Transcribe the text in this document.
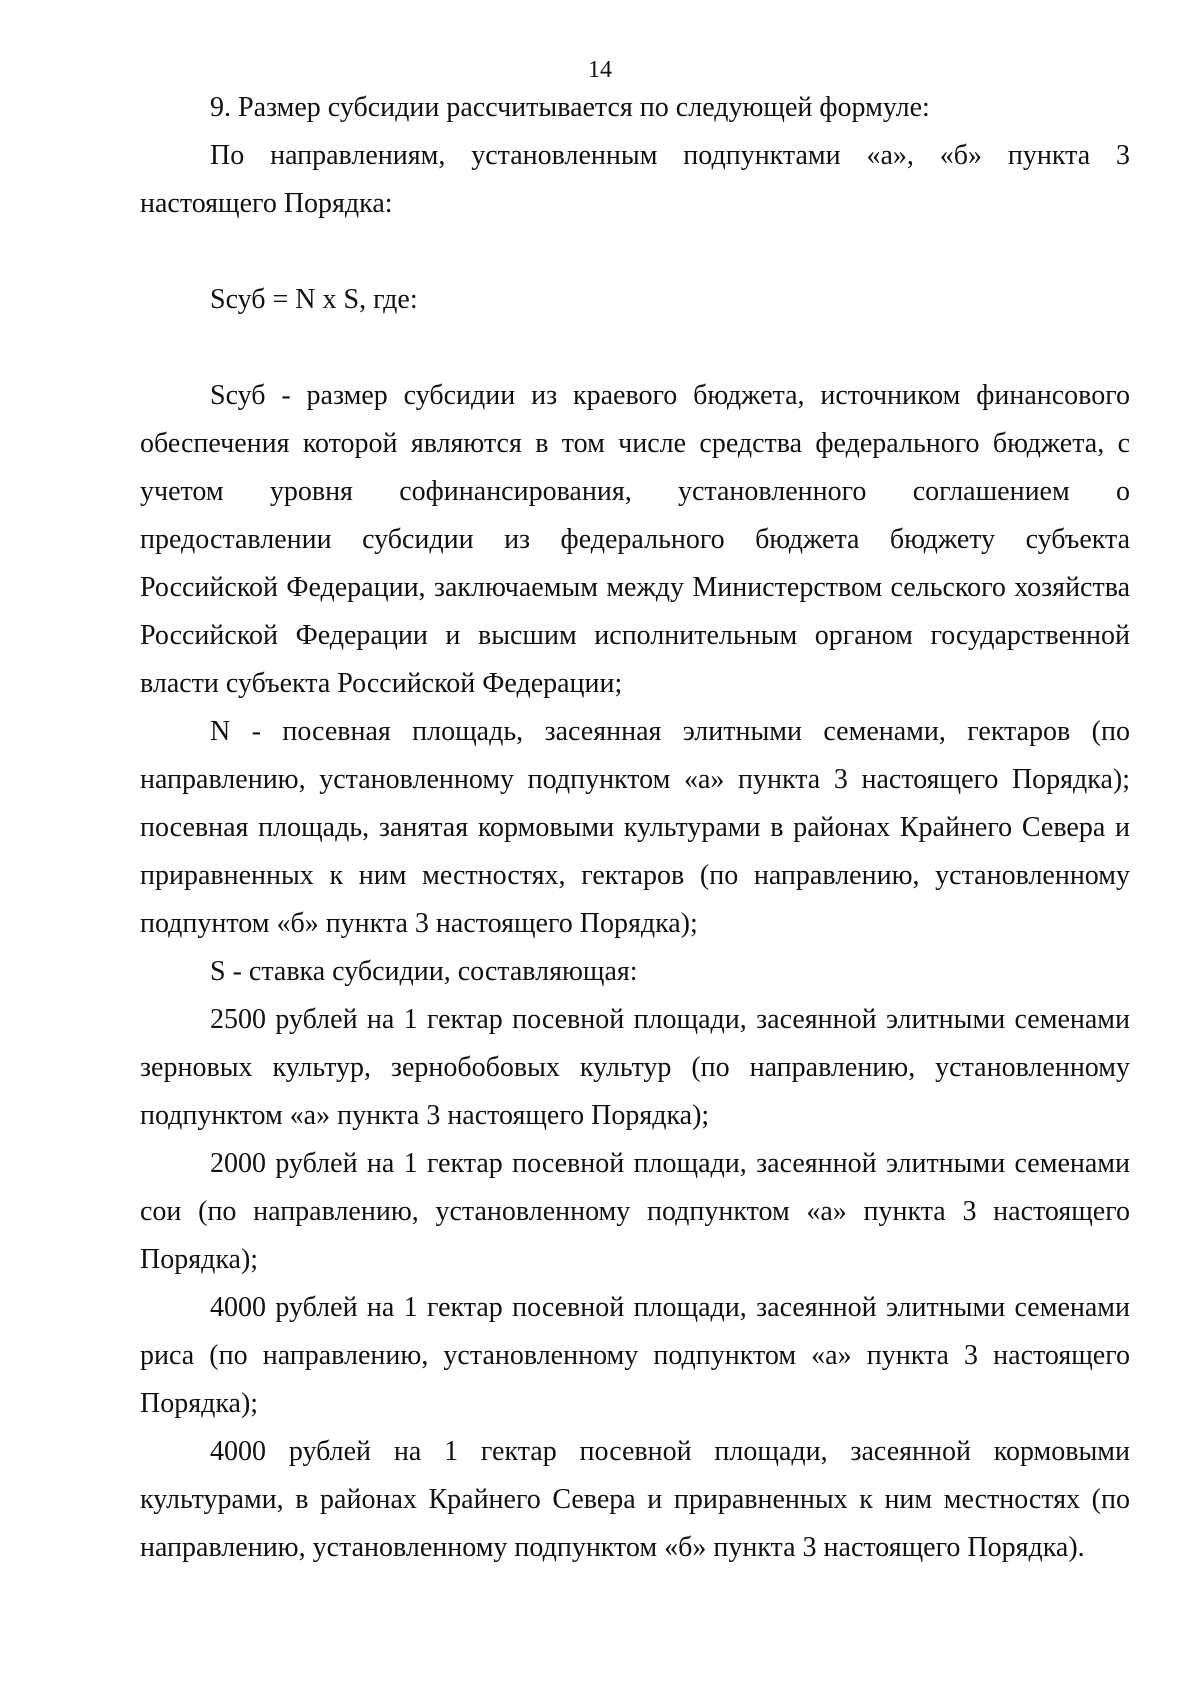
14

9. Размер субсидии рассчитывается по следующей формуле:

По направлениям, установленным подпунктами «а», «б» пункта 3 настоящего Порядка:

Sсуб = N x S, где:

Sсуб - размер субсидии из краевого бюджета, источником финансового обеспечения которой являются в том числе средства федерального бюджета, с учетом уровня софинансирования, установленного соглашением о предоставлении субсидии из федерального бюджета бюджету субъекта Российской Федерации, заключаемым между Министерством сельского хозяйства Российской Федерации и высшим исполнительным органом государственной власти субъекта Российской Федерации;

N - посевная площадь, засеянная элитными семенами, гектаров (по направлению, установленному подпунктом «а» пункта 3 настоящего Порядка); посевная площадь, занятая кормовыми культурами в районах Крайнего Севера и приравненных к ним местностях, гектаров (по направлению, установленному подпунтом «б» пункта 3 настоящего Порядка);

S - ставка субсидии, составляющая:

2500 рублей на 1 гектар посевной площади, засеянной элитными семенами зерновых культур, зернобобовых культур (по направлению, установленному подпунктом «а» пункта 3 настоящего Порядка);

2000 рублей на 1 гектар посевной площади, засеянной элитными семенами сои (по направлению, установленному подпунктом «а» пункта 3 настоящего Порядка);

4000 рублей на 1 гектар посевной площади, засеянной элитными семенами риса (по направлению, установленному подпунктом «а» пункта 3 настоящего Порядка);

4000 рублей на 1 гектар посевной площади, засеянной кормовыми культурами, в районах Крайнего Севера и приравненных к ним местностях (по направлению, установленному подпунктом «б» пункта 3 настоящего Порядка).
